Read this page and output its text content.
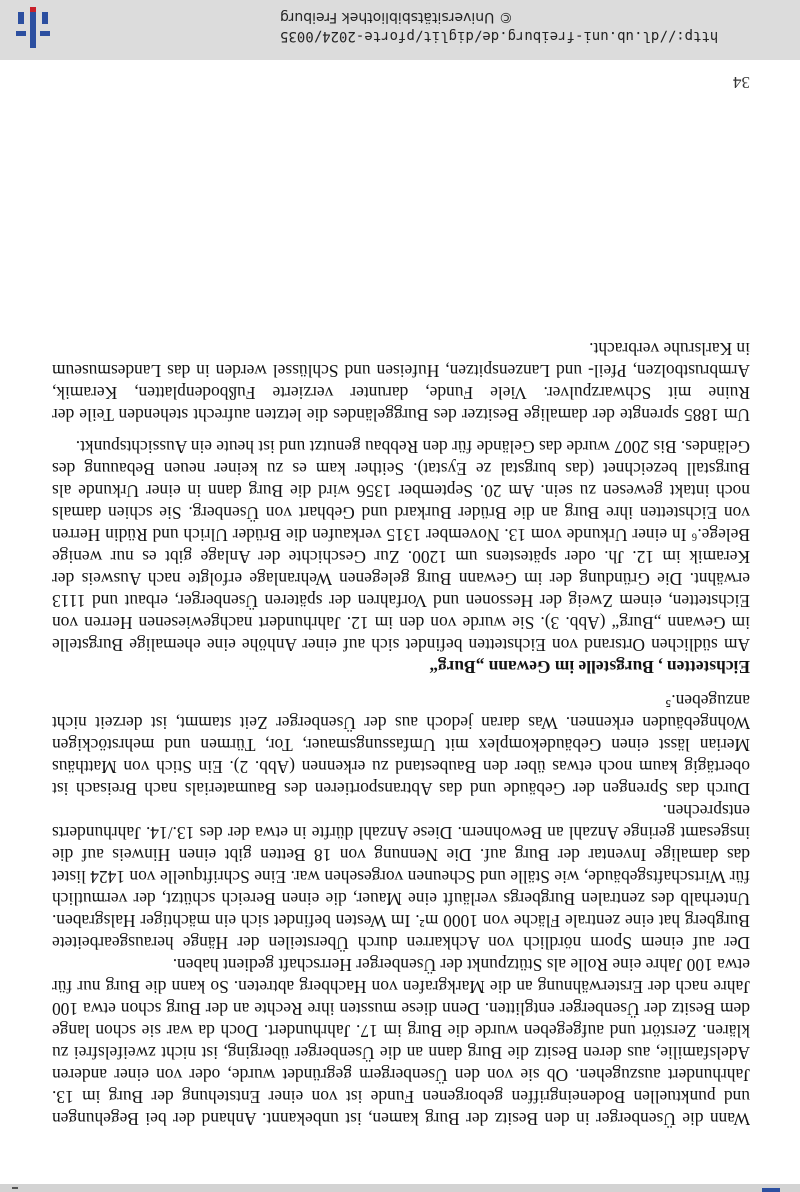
Wann die Üsenberger in den Besitz der Burg kamen, ist unbekannt. Anhand der bei Begehungen und punktuellen Bodeneingriffen geborgenen Funde ist von einer Entstehung der Burg im 13. Jahrhundert auszugehen. Ob sie von den Üsenbergern gegründet wurde, oder von einer anderen Adelsfamilie, aus deren Besitz die Burg dann an die Üsenberger überging, ist nicht zweifelsfrei zu klären. Zerstört und aufgegeben wurde die Burg im 17. Jahrhundert. Doch da war sie schon lange dem Besitz der Üsenberger entglitten. Denn diese mussten ihre Rechte an der Burg schon etwa 100 Jahre nach der Ersterwähnung an die Markgrafen von Hachberg abtreten. So kann die Burg nur für etwa 100 Jahre eine Rolle als Stützpunkt der Üsenberger Herrschaft gedient haben.

Der auf einem Sporn nördlich von Achkarren durch Übersteilen der Hänge herausgearbeitete Burgberg hat eine zentrale Fläche von 1000 m². Im Westen befindet sich ein mächtiger Halsgraben. Unterhalb des zentralen Burgbergs verläuft eine Mauer, die einen Bereich schützt, der vermutlich für Wirtschaftsgebäude, wie Ställe und Scheunen vorgesehen war. Eine Schriftquelle von 1424 listet das damalige Inventar der Burg auf. Die Nennung von 18 Betten gibt einen Hinweis auf die insgesamt geringe Anzahl an Bewohnern. Diese Anzahl dürfte in etwa der des 13./14. Jahrhunderts entsprechen.

Durch das Sprengen der Gebäude und das Abtransportieren des Baumaterials nach Breisach ist obertägig kaum noch etwas über den Baubestand zu erkennen (Abb. 2). Ein Stich von Matthäus Merian lässt einen Gebäudekomplex mit Umfassungsmauer, Tor, Türmen und mehrstöckigen Wohngebäuden erkennen. Was daran jedoch aus der Üsenberger Zeit stammt, ist derzeit nicht anzugeben.⁵

Eichstetten , Burgstelle im Gewann „Burg“

Am südlichen Ortsrand von Eichstetten befindet sich auf einer Anhöhe eine ehemalige Burgstelle im Gewann „Burg“ (Abb. 3). Sie wurde von den im 12. Jahrhundert nachgewiesenen Herren von Eichstetten, einem Zweig der Hessonen und Vorfahren der späteren Üsenberger, erbaut und 1113 erwähnt. Die Gründung der im Gewann Burg gelegenen Wehranlage erfolgte nach Ausweis der Keramik im 12. Jh. oder spätestens um 1200. Zur Geschichte der Anlage gibt es nur wenige Belege.⁶ In einer Urkunde vom 13. November 1315 verkaufen die Brüder Ulrich und Rüdin Herren von Eichstetten ihre Burg an die Brüder Burkard und Gebhart von Üsenberg. Sie schien damals noch intakt gewesen zu sein. Am 20. September 1356 wird die Burg dann in einer Urkunde als Burgstall bezeichnet (das burgstal ze Eystat). Seither kam es zu keiner neuen Bebauung des Geländes. Bis 2007 wurde das Gelände für den Rebbau genutzt und ist heute ein Aussichtspunkt.

Um 1885 sprengte der damalige Besitzer des Burggeländes die letzten aufrecht stehenden Teile der Ruine mit Schwarzpulver. Viele Funde, darunter verzierte Fußbodenplatten, Keramik, Armbrustbolzen, Pfeil- und Lanzenspitzen, Hufeisen und Schlüssel werden in das Landesmuseum in Karlsruhe verbracht.

34
http://dl.ub.uni-freiburg.de/diglit/pforte-2024/0035
© Universitätsbibliothek Freiburg
